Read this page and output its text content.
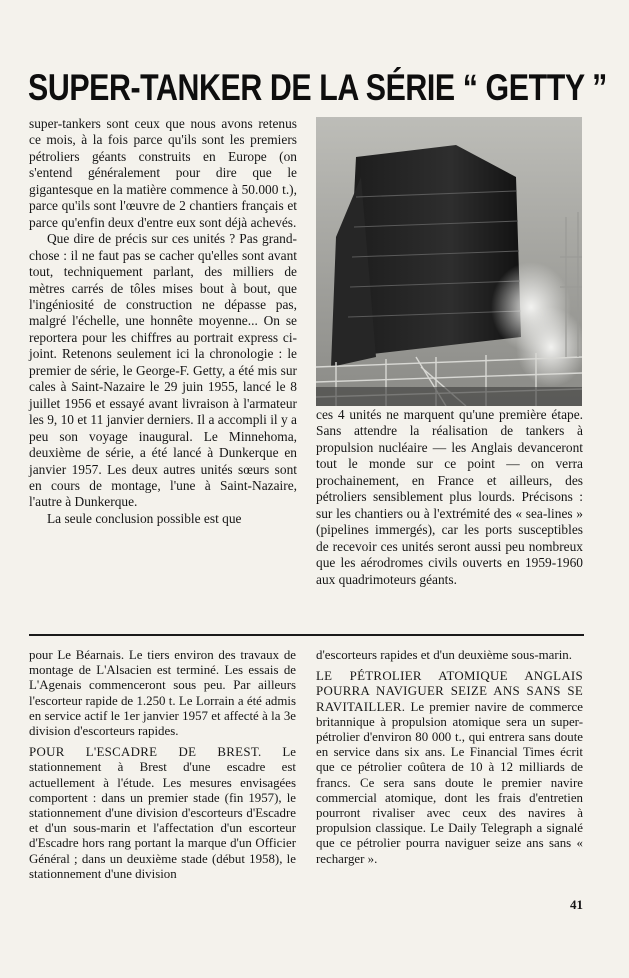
SUPER-TANKER DE LA SÉRIE “ GETTY ”

super-tankers sont ceux que nous avons retenus ce mois, à la fois parce qu'ils sont les premiers pétroliers géants construits en Europe (on s'entend généralement pour dire que le gigantesque en la matière commence à 50.000 t.), parce qu'ils sont l'œuvre de 2 chantiers français et parce qu'enfin deux d'entre eux sont déjà achevés.

Que dire de précis sur ces unités ? Pas grand-chose : il ne faut pas se cacher qu'elles sont avant tout, techniquement parlant, des milliers de mètres carrés de tôles mises bout à bout, que l'ingéniosité de construction ne dépasse pas, malgré l'échelle, une honnête moyenne... On se reportera pour les chiffres au portrait express ci-joint. Retenons seulement ici la chronologie : le premier de série, le George-F. Getty, a été mis sur cales à Saint-Nazaire le 29 juin 1955, lancé le 8 juillet 1956 et essayé avant livraison à l'armateur les 9, 10 et 11 janvier derniers. Il a accompli il y a peu son voyage inaugural. Le Minnehoma, deuxième de série, a été lancé à Dunkerque en janvier 1957. Les deux autres unités sœurs sont en cours de montage, l'une à Saint-Nazaire, l'autre à Dunkerque.

La seule conclusion possible est que

ces 4 unités ne marquent qu'une première étape. Sans attendre la réalisation de tankers à propulsion nucléaire — les Anglais devanceront tout le monde sur ce point — on verra prochainement, en France et ailleurs, des pétroliers sensiblement plus lourds. Précisons : sur les chantiers ou à l'extrémité des « sea-lines » (pipelines immergés), car les ports susceptibles de recevoir ces unités seront aussi peu nombreux que les aérodromes civils ouverts en 1959-1960 aux quadrimoteurs géants.

pour Le Béarnais. Le tiers environ des travaux de montage de L'Alsacien est terminé. Les essais de L'Agenais commenceront sous peu. Par ailleurs l'escorteur rapide de 1.250 t. Le Lorrain a été admis en service actif le 1er janvier 1957 et affecté à la 3e division d'escorteurs rapides.

POUR L'ESCADRE DE BREST. Le stationnement à Brest d'une escadre est actuellement à l'étude. Les mesures envisagées comportent : dans un premier stade (fin 1957), le stationnement d'une division d'escorteurs d'Escadre et d'un sous-marin et l'affectation d'un escorteur d'Escadre hors rang portant la marque d'un Officier Général ; dans un deuxième stade (début 1958), le stationnement d'une division

d'escorteurs rapides et d'un deuxième sous-marin.

LE PÉTROLIER ATOMIQUE ANGLAIS POURRA NAVIGUER SEIZE ANS SANS SE RAVITAILLER. Le premier navire de commerce britannique à propulsion atomique sera un super-pétrolier d'environ 80 000 t., qui entrera sans doute en service dans six ans. Le Financial Times écrit que ce pétrolier coûtera de 10 à 12 milliards de francs. Ce sera sans doute le premier navire commercial atomique, dont les frais d'entretien pourront rivaliser avec ceux des navires à propulsion classique. Le Daily Telegraph a signalé que ce pétrolier pourra naviguer seize ans sans « recharger ».

41
